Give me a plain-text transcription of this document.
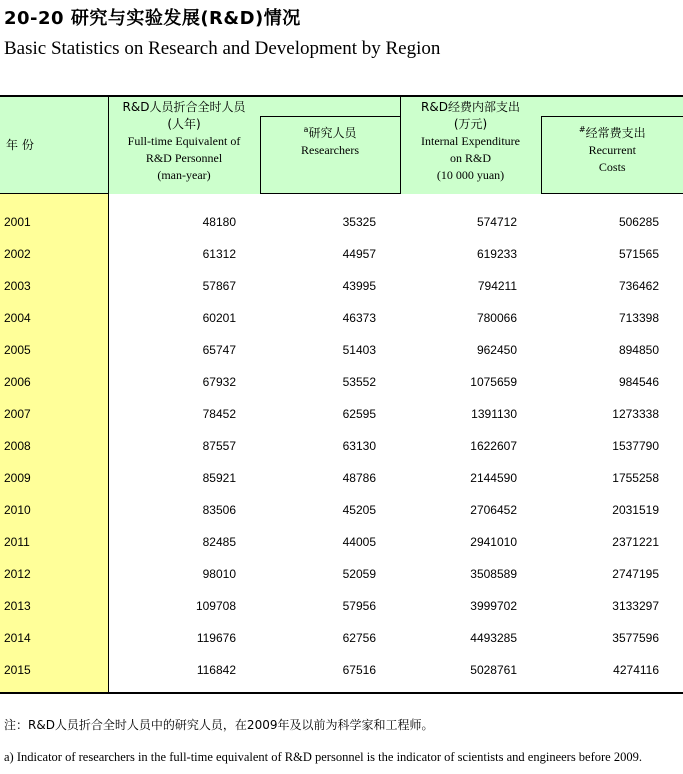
20-20 研究与实验发展(R&D)情况
Basic Statistics on Research and Development by Region
年 份	R&D人员折合全时人员
(人年)
Full-time Equivalent of
R&D Personnel
(man-year)		R&D经费内部支出
(万元)
Internal Expenditure
on R&D
(10 000 yuan)	

		$^a$研究人员
Researchers		#经常费支出
Recurrent
Costs

2001	48180	35325	574712	506285
2002	61312	44957	619233	571565
2003	57867	43995	794211	736462
2004	60201	46373	780066	713398
2005	65747	51403	962450	894850
2006	67932	53552	1075659	984546
2007	78452	62595	1391130	1273338
2008	87557	63130	1622607	1537790
2009	85921	48786	2144590	1755258
2010	83506	45205	2706452	2031519
2011	82485	44005	2941010	2371221
2012	98010	52059	3508589	2747195
2013	109708	57956	3999702	3133297
2014	119676	62756	4493285	3577596
2015	116842	67516	5028761	4274116
注：R&D人员折合全时人员中的研究人员，在2009年及以前为科学家和工程师。
a) Indicator of researchers in the full-time equivalent of R&D personnel is the indicator of scientists and engineers before 2009.
